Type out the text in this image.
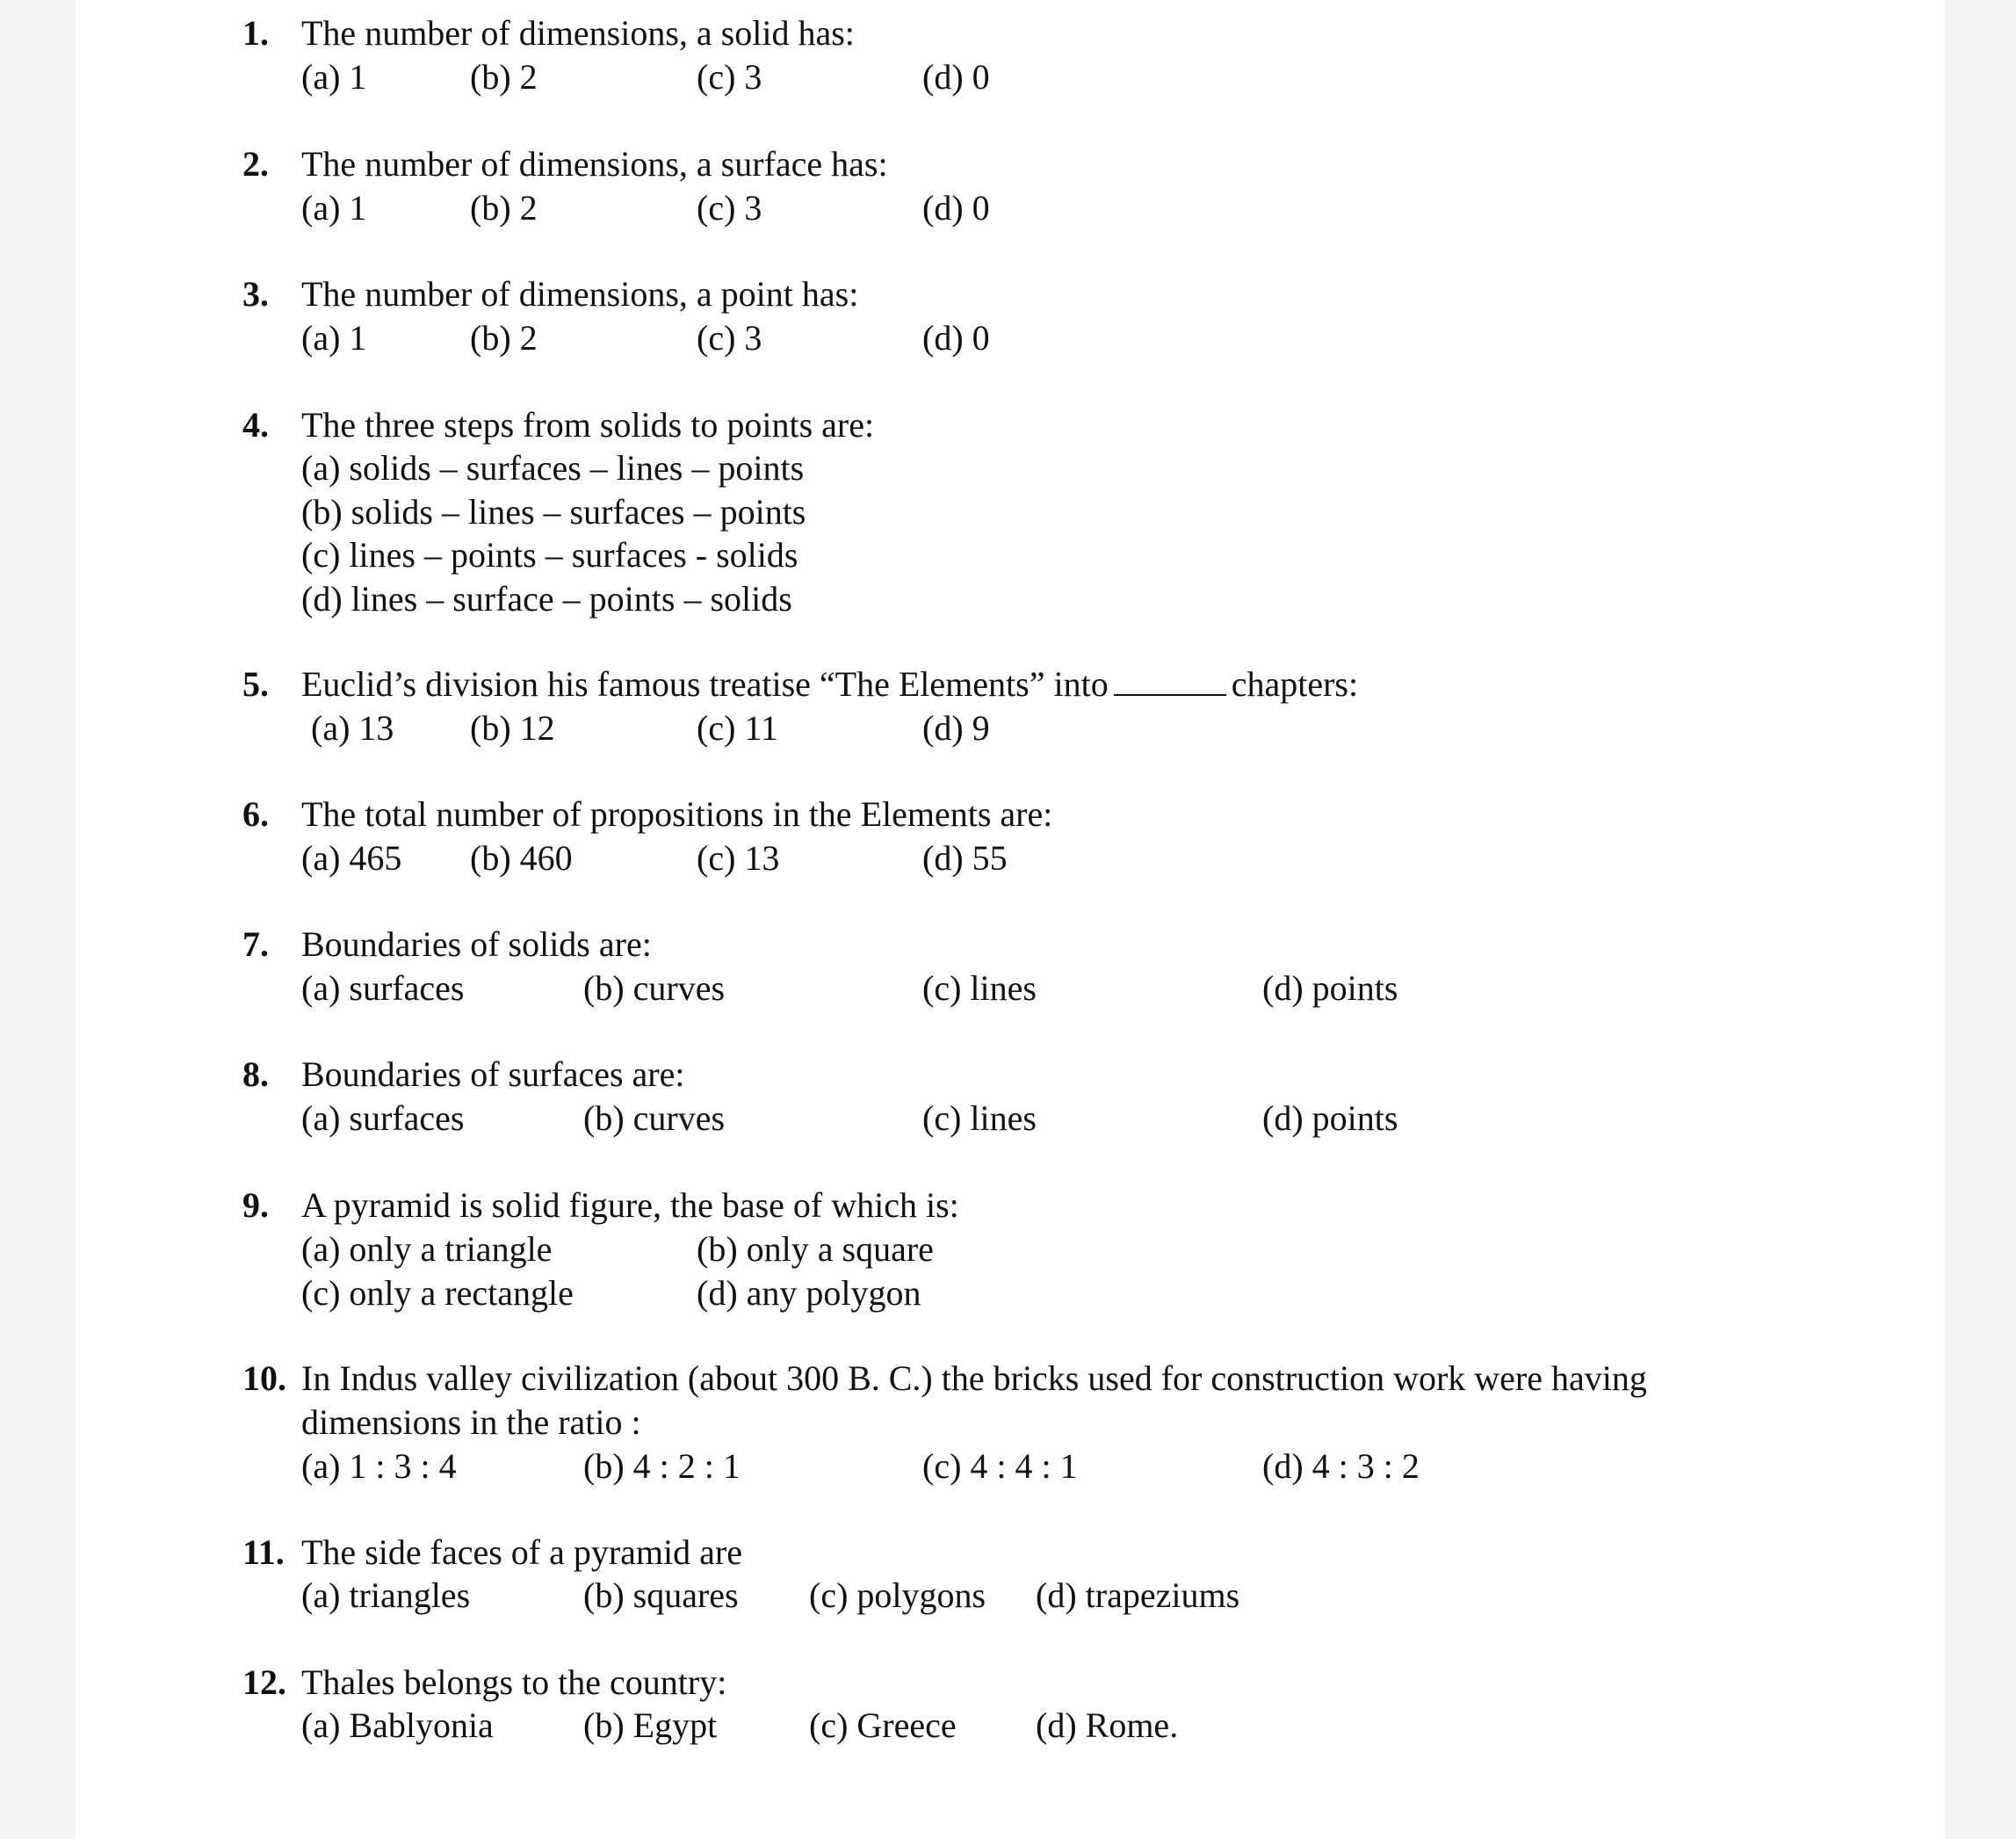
1. The number of dimensions, a solid has:
(a) 1	(b) 2	(c) 3	(d) 0
2. The number of dimensions, a surface has:
(a) 1	(b) 2	(c) 3	(d) 0
3. The number of dimensions, a point has:
(a) 1	(b) 2	(c) 3	(d) 0
4. The three steps from solids to points are:
(a) solids – surfaces – lines – points
(b) solids – lines – surfaces – points
(c) lines – points – surfaces - solids
(d) lines – surface – points – solids
5. Euclid’s division his famous treatise “The Elements” into	chapters:
(a) 13 (b) 12	(c) 11	(d) 9
6. The total number of propositions in the Elements are:
(a) 465 (b) 460	(c) 13	(d) 55
7. Boundaries of solids are:
(a) surfaces	(b) curves	(c) lines	(d) points
8. Boundaries of surfaces are:
(a) surfaces	(b) curves	(c) lines	(d) points
9. A pyramid is solid figure, the base of which is:
(a) only a triangle	(b) only a square
(c) only a rectangle	(d) any polygon
10. In Indus valley civilization (about 300 B. C.) the bricks used for construction work were having
dimensions in the ratio :
(a) 1 : 3 : 4	(b) 4 : 2 : 1	(c) 4 : 4 : 1	(d) 4 : 3 : 2
11. The side faces of a pyramid are
(a) triangles	(b) squares (c) polygons (d) trapeziums
12. Thales belongs to the country:
(a) Bablyonia	(b) Egypt	(c) Greece (d) Rome.
